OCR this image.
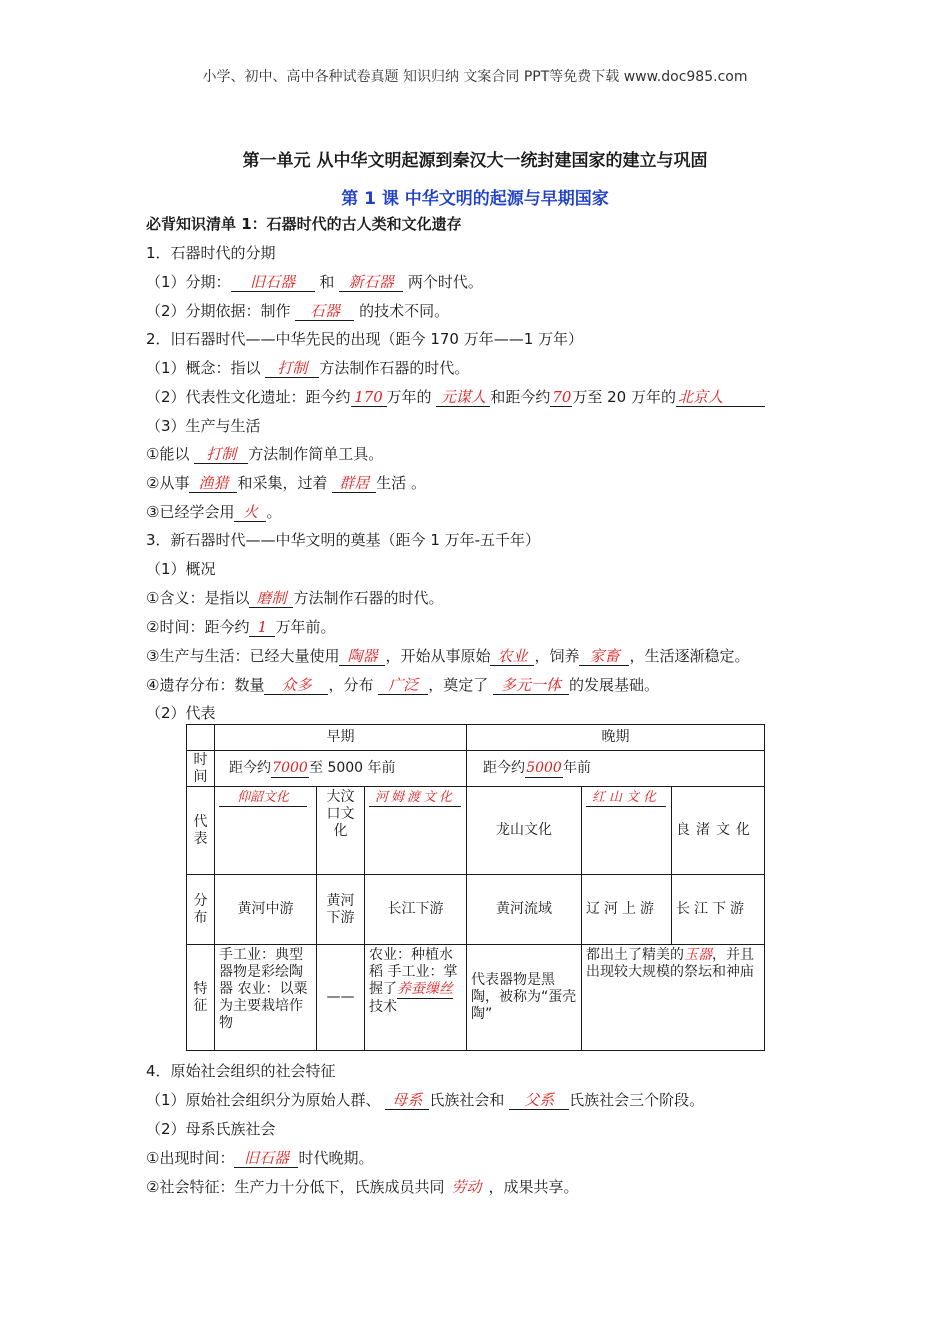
小学、初中、高中各种试卷真题 知识归纳 文案合同 PPT等免费下载 www.doc985.com
第一单元 从中华文明起源到秦汉大一统封建国家的建立与巩固
第 1 课 中华文明的起源与早期国家
必背知识清单 1：石器时代的古人类和文化遗存
1．石器时代的分期
（1）分期： 旧石器 和 新石器 两个时代。
（2）分期依据：制作 石器 的技术不同。
2．旧石器时代——中华先民的出现（距今 170 万年——1 万年）
（1）概念：指以 打制 方法制作石器的时代。
（2）代表性文化遗址：距今约 170 万年的 元谋人 和距今约 70万至 20 万年的 北京人
（3）生产与生活
①能以 打制 方法制作简单工具。
②从事 渔猎 和采集，过着 群居 生活 。
③已经学会用 火 。
3．新石器时代——中华文明的奠基（距今 1 万年-五千年）
（1）概况
①含义：是指以 磨制 方法制作石器的时代。
②时间：距今约 1 万年前。
③生产与生活：已经大量使用 陶器 ，开始从事原始 农业 ，饲养 家畜 ，生活逐渐稳定。
④遗存分布：数量 众多 ，分布 广泛 ，奠定了 多元一体 的发展基础。
（2）代表
	早期			晚期		
时间	距今约7000至 5000 年前			距今约5000年前		
代表	仰韶文化	大汶口文化	河姆渡文化	龙山文化	红山文化	良渚文化
分布	黄河中游	黄河下游	长江下游	黄河流域	辽河上游	长江下游
特征	手工业：典型器物是彩绘陶器 农业：以粟为主要栽培作物	——	农业：种植水稻 手工业：掌握了养蚕缫丝技术	代表器物是黑陶，被称为“蛋壳陶”	都出土了精美的玉器，并且出现较大规模的祭坛和神庙	
4．原始社会组织的社会特征
（1）原始社会组织分为原始人群、 母系 氏族社会和 父系 氏族社会三个阶段。
（2）母系氏族社会
①出现时间： 旧石器 时代晚期。
②社会特征：生产力十分低下，氏族成员共同 劳动 ，成果共享。
